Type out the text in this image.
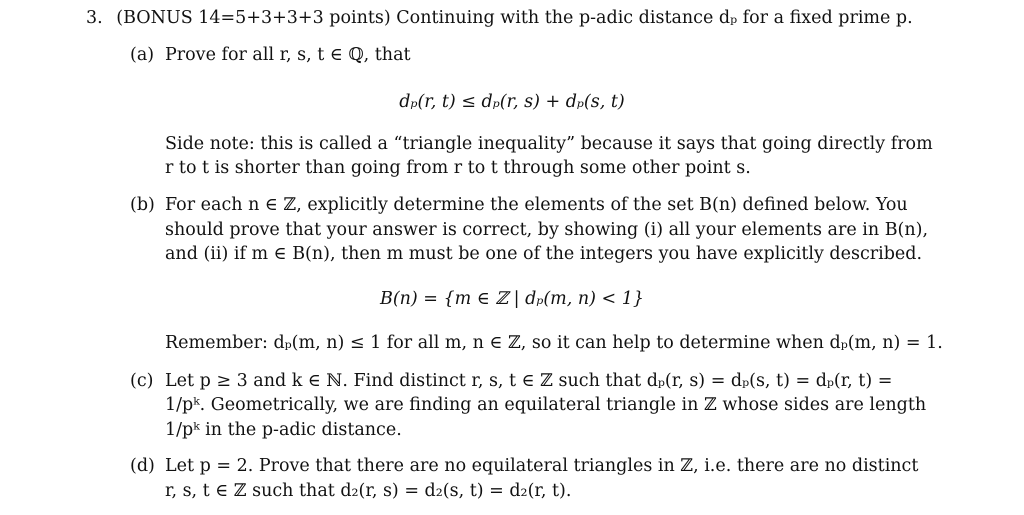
3. (BONUS 14=5+3+3+3 points) Continuing with the p-adic distance dₚ for a fixed prime p.
(a) Prove for all r, s, t ∈ ℚ, that
dₚ(r, t) ≤ dₚ(r, s) + dₚ(s, t)
Side note: this is called a “triangle inequality” because it says that going directly from
r to t is shorter than going from r to t through some other point s.
(b) For each n ∈ ℤ, explicitly determine the elements of the set B(n) defined below. You
should prove that your answer is correct, by showing (i) all your elements are in B(n),
and (ii) if m ∈ B(n), then m must be one of the integers you have explicitly described.
B(n) = {m ∈ ℤ | dₚ(m, n) < 1}
Remember: dₚ(m, n) ≤ 1 for all m, n ∈ ℤ, so it can help to determine when dₚ(m, n) = 1.
(c) Let p ≥ 3 and k ∈ ℕ. Find distinct r, s, t ∈ ℤ such that dₚ(r, s) = dₚ(s, t) = dₚ(r, t) =
1/pᵏ. Geometrically, we are finding an equilateral triangle in ℤ whose sides are length
1/pᵏ in the p-adic distance.
(d) Let p = 2. Prove that there are no equilateral triangles in ℤ, i.e. there are no distinct
r, s, t ∈ ℤ such that d₂(r, s) = d₂(s, t) = d₂(r, t).
